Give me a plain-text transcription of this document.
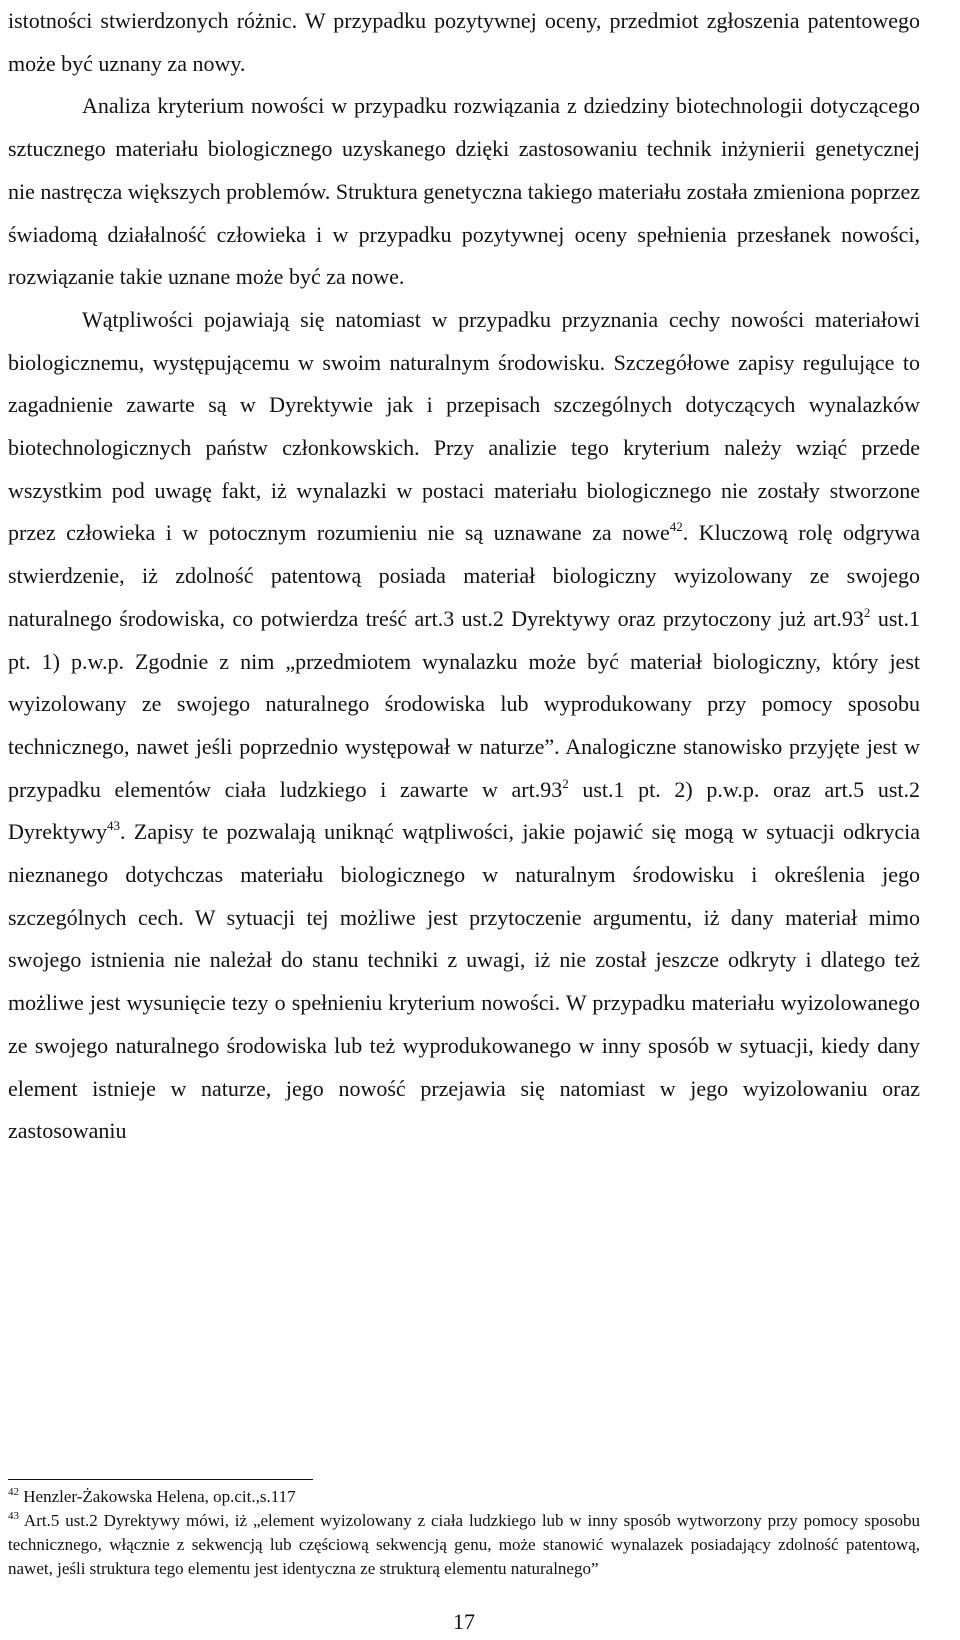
istotności stwierdzonych różnic. W przypadku pozytywnej oceny, przedmiot zgłoszenia patentowego może być uznany za nowy.

Analiza kryterium nowości w przypadku rozwiązania z dziedziny biotechnologii dotyczącego sztucznego materiału biologicznego uzyskanego dzięki zastosowaniu technik inżynierii genetycznej nie nastręcza większych problemów. Struktura genetyczna takiego materiału została zmieniona poprzez świadomą działalność człowieka i w przypadku pozytywnej oceny spełnienia przesłanek nowości, rozwiązanie takie uznane może być za nowe.

Wątpliwości pojawiają się natomiast w przypadku przyznania cechy nowości materiałowi biologicznemu, występującemu w swoim naturalnym środowisku. Szczegółowe zapisy regulujące to zagadnienie zawarte są w Dyrektywie jak i przepisach szczególnych dotyczących wynalazków biotechnologicznych państw członkowskich. Przy analizie tego kryterium należy wziąć przede wszystkim pod uwagę fakt, iż wynalazki w postaci materiału biologicznego nie zostały stworzone przez człowieka i w potocznym rozumieniu nie są uznawane za nowe$^{42}$. Kluczową rolę odgrywa stwierdzenie, iż zdolność patentową posiada materiał biologiczny wyizolowany ze swojego naturalnego środowiska, co potwierdza treść art.3 ust.2 Dyrektywy oraz przytoczony już $art.93^2$ ust.1 pt. 1) p.w.p. Zgodnie z nim „przedmiotem wynalazku może być materiał biologiczny, który jest wyizolowany ze swojego naturalnego środowiska lub wyprodukowany przy pomocy sposobu technicznego, nawet jeśli poprzednio występował w naturze”. Analogiczne stanowisko przyjęte jest w przypadku elementów ciała ludzkiego i zawarte w $art.93^2$ ust.1 pt. 2) p.w.p. oraz art.5 ust.2 Dyrektywy$^{43}$. Zapisy te pozwalają uniknąć wątpliwości, jakie pojawić się mogą w sytuacji odkrycia nieznanego dotychczas materiału biologicznego w naturalnym środowisku i określenia jego szczególnych cech. W sytuacji tej możliwe jest przytoczenie argumentu, iż dany materiał mimo swojego istnienia nie należał do stanu techniki z uwagi, iż nie został jeszcze odkryty i dlatego też możliwe jest wysunięcie tezy o spełnieniu kryterium nowości. W przypadku materiału wyizolowanego ze swojego naturalnego środowiska lub też wyprodukowanego w inny sposób w sytuacji, kiedy dany element istnieje w naturze, jego nowość przejawia się natomiast w jego wyizolowaniu oraz zastosowaniu

$^{42}$ Henzler-Żakowska Helena, op.cit.,s.117

$^{43}$ Art.5 ust.2 Dyrektywy mówi, iż „element wyizolowany z ciała ludzkiego lub w inny sposób wytworzony przy pomocy sposobu technicznego, włącznie z sekwencją lub częściową sekwencją genu, może stanowić wynalazek posiadający zdolność patentową, nawet, jeśli struktura tego elementu jest identyczna ze strukturą elementu naturalnego”

17
